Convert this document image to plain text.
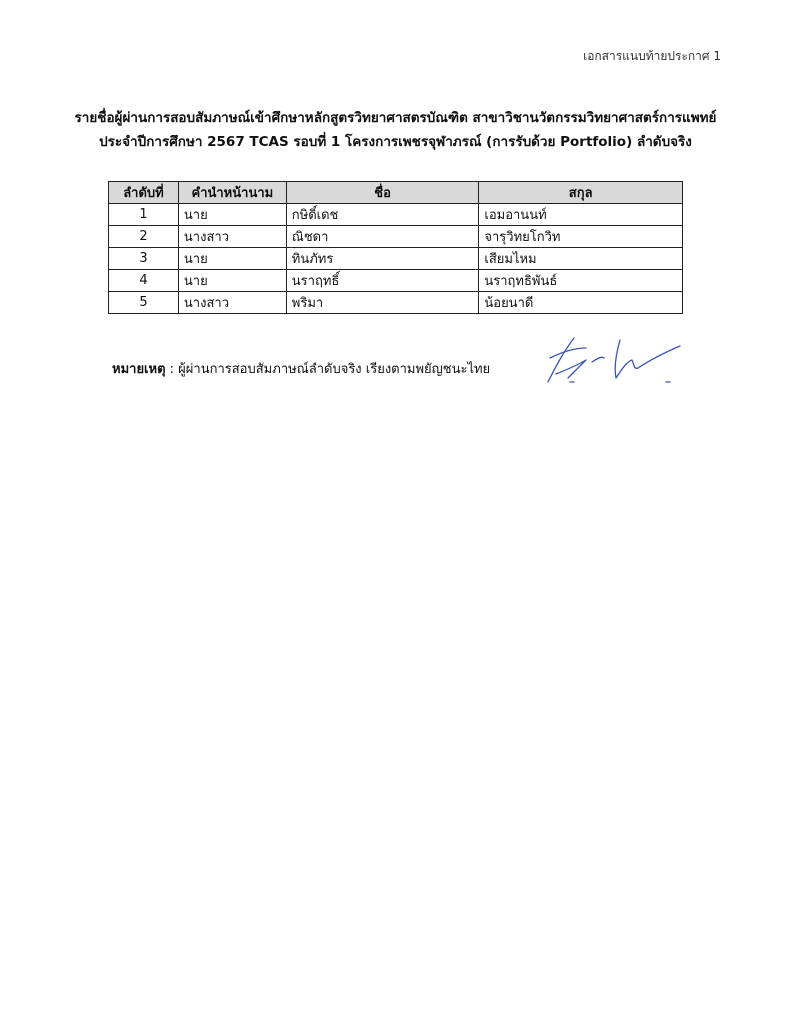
เอกสารแนบท้ายประกาศ 1
รายชื่อผู้ผ่านการสอบสัมภาษณ์เข้าศึกษาหลักสูตรวิทยาศาสตรบัณฑิต สาขาวิชานวัตกรรมวิทยาศาสตร์การแพทย์
ประจำปีการศึกษา 2567 TCAS รอบที่ 1 โครงการเพชรจุฬาภรณ์ (การรับด้วย Portfolio) ลำดับจริง
ลำดับที่	คำนำหน้านาม	ชื่อ	สกุล
1	นาย	กษิดิ์เดช	เอมอานนท์
2	นางสาว	ณิชดา	จารุวิทยโกวิท
3	นาย	ทินภัทร	เสียมไหม
4	นาย	นราฤทธิ์	นราฤทธิพันธ์
5	นางสาว	พริมา	น้อยนาดี
หมายเหตุ : ผู้ผ่านการสอบสัมภาษณ์ลำดับจริง เรียงตามพยัญชนะไทย
